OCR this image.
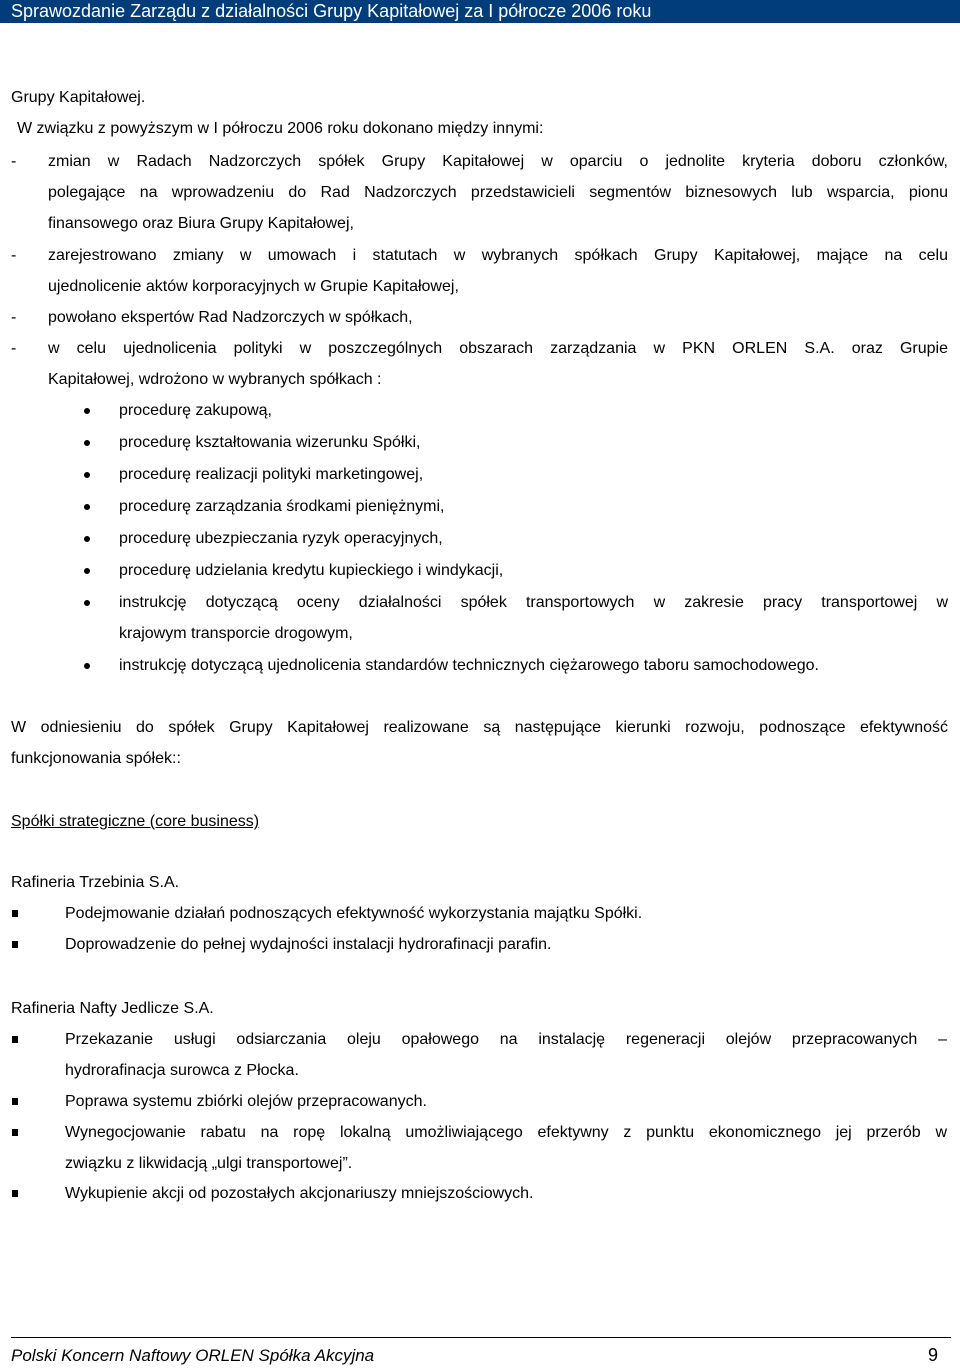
Sprawozdanie Zarządu z działalności Grupy Kapitałowej za I półrocze 2006 roku
Grupy Kapitałowej.
W związku z powyższym w I półroczu 2006 roku dokonano między innymi:
- zmian w Radach Nadzorczych spółek Grupy Kapitałowej w oparciu o jednolite kryteria doboru członków,
polegające na wprowadzeniu do Rad Nadzorczych przedstawicieli segmentów biznesowych lub wsparcia, pionu
finansowego oraz Biura Grupy Kapitałowej,
- zarejestrowano zmiany w umowach i statutach w wybranych spółkach Grupy Kapitałowej, mające na celu
ujednolicenie aktów korporacyjnych w Grupie Kapitałowej,
- powołano ekspertów Rad Nadzorczych w spółkach,
- w celu ujednolicenia polityki w poszczególnych obszarach zarządzania w PKN ORLEN S.A. oraz Grupie
Kapitałowej, wdrożono w wybranych spółkach :
procedurę zakupową,
procedurę kształtowania wizerunku Spółki,
procedurę realizacji polityki marketingowej,
procedurę zarządzania środkami pieniężnymi,
procedurę ubezpieczania ryzyk operacyjnych,
procedurę udzielania kredytu kupieckiego i windykacji,
instrukcję dotyczącą oceny działalności spółek transportowych w zakresie pracy transportowej w
krajowym transporcie drogowym,
instrukcję dotyczącą ujednolicenia standardów technicznych ciężarowego taboru samochodowego.
W odniesieniu do spółek Grupy Kapitałowej realizowane są następujące kierunki rozwoju, podnoszące efektywność
funkcjonowania spółek::
Spółki strategiczne (core business)
Rafineria Trzebinia S.A.
Podejmowanie działań podnoszących efektywność wykorzystania majątku Spółki.
Doprowadzenie do pełnej wydajności instalacji hydrorafinacji parafin.
Rafineria Nafty Jedlicze S.A.
Przekazanie usługi odsiarczania oleju opałowego na instalację regeneracji olejów przepracowanych –
hydrorafinacja surowca z Płocka.
Poprawa systemu zbiórki olejów przepracowanych.
Wynegocjowanie rabatu na ropę lokalną umożliwiającego efektywny z punktu ekonomicznego jej przerób w
związku z likwidacją „ulgi transportowej”.
Wykupienie akcji od pozostałych akcjonariuszy mniejszościowych.
Polski Koncern Naftowy ORLEN Spółka Akcyjna	9
